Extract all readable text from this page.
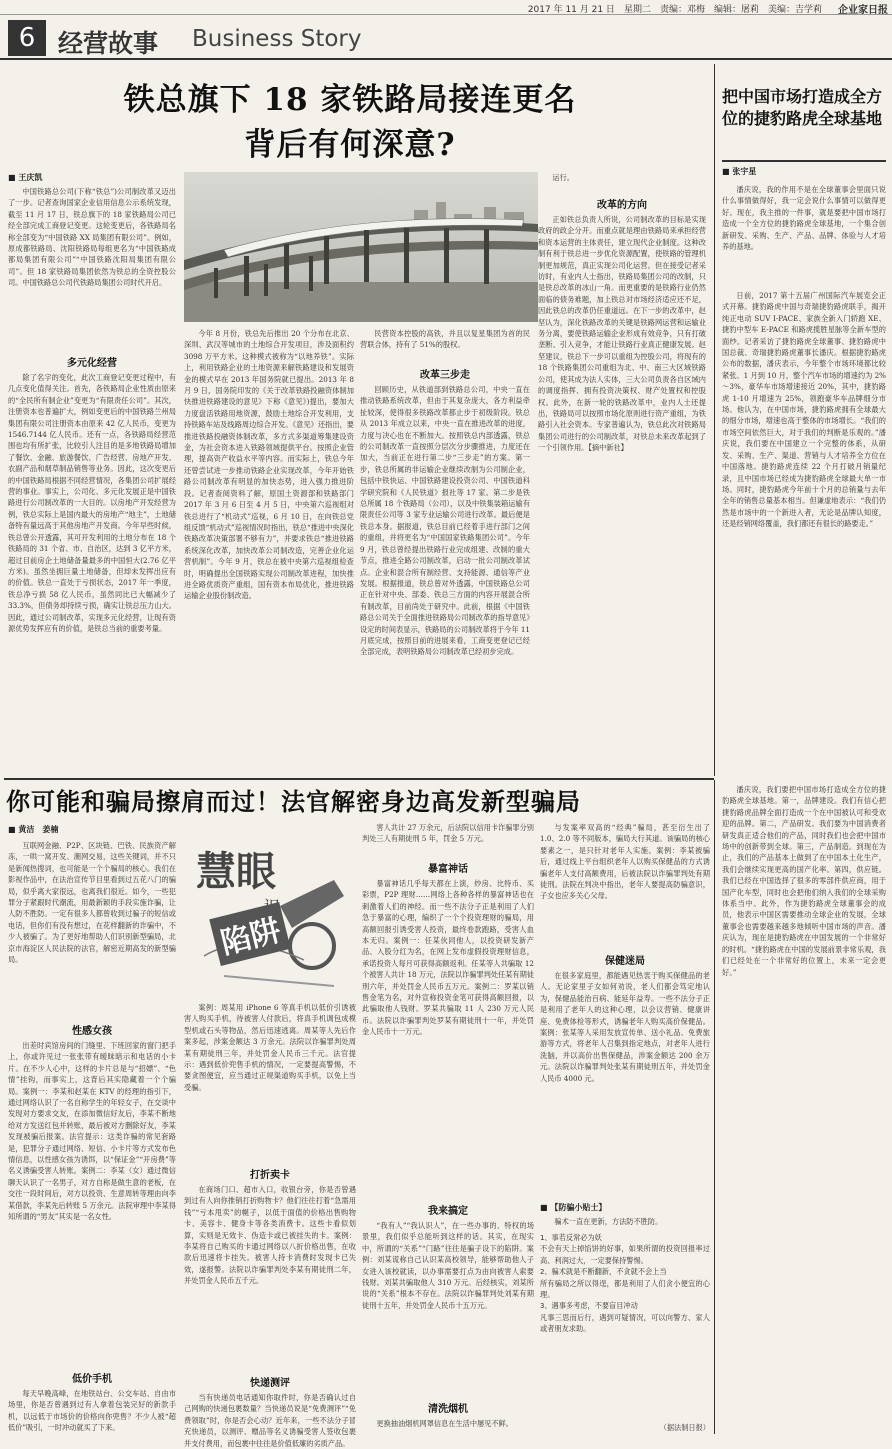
2017 年 11 月 21 日　 星期二　 责编：邓梅　编辑：屠莉　美编：吉学莉 企业家日报
6 经营故事 Business Story
铁总旗下 18 家铁路局接连更名
背后有何深意?
■ 王庆凯

中国铁路总公司(下称“铁总”)公司制改革又迈出了一步。记者查询国家企业信用信息公示系统发现，截至 11 月 17 日，铁总旗下的 18 家铁路局公司已经全部完成工商登记变更。这轮变更后，各铁路局名称全部变为“中国铁路 XX 局集团有限公司”。例如，原成都铁路局、沈阳铁路局每组更名为“中国铁路成都局集团有限公司”“中国铁路沈阳局集团有限公司”。但 18 家铁路局集团依然为铁总的全资控股公司。中国铁路总公司代铁路局集团公司时代开启。

多元化经营

除了名字的变化，此次工商登记变更过程中，有几点变化值得关注。首先，各铁路局企业性质由原来的“全民所有制企业”变更为“有限责任公司”。其次，注册资本也普遍扩大，例如变更后的中国铁路兰州局集团有限公司注册资本由原来 42 亿人民币，变更为 1546.7144 亿人民币。还有一点，各铁路局经营范围也均有所扩张，比较引人注目的是多地铁路局增加了餐饮、金融、旅游餐饮、广告经营、房地产开发、农副产品和烟草制品销售等业务。因此，这次变更后的中国铁路局根据不同经营情况，各集团公司扩展经营的事业。事实上，公司化、多元化发展正是中国铁路进行公司制改革的一大目的。以房地产开发经营为例，铁总实际上是国内最大的房地产“地主”，土地储备特有量远高于其他房地产开发商。今年早些时候，铁总曾公开透露，其可开发利用的土地分布在 18 个铁路局的 31 个省、市、自治区，达到 3 亿平方米，超过目前房企土地储备量最多的中国恒大(2.76 亿平方米)。虽然坐拥巨量土地储备，但却未发挥出应有的价值。铁总一直处于亏损状态，2017 年一季度，铁总净亏损 58 亿人民币，虽然同比已大幅减少了 33.3%，但债务却持续亏损，确实让铁总压力山大。因此，通过公司制改革，实现多元化经营，让现有资源优势发挥应有的价值，是铁总当前的重要考量。

今年 8 月份，铁总先后推出 20 个分布在北京、深圳、武汉等城市的土地综合开发项目，涉及面积约 3098 万平方米。这种模式被称为“以地养铁”。实际上，利用铁路企业的土地资源来解铁路建设和发展资金的模式早在 2013 年国务院就已提出。2013 年 8 月 9 日，国务院印发的《关于改革铁路投融资体制加快推进铁路建设的意见》下称《意见》)提出，要加大力度盘活铁路用地资源，鼓励土地综合开发利用，支持铁路车站及线路周边综合开发。《意见》还指出，要推进铁路投融资体制改革，多方式多渠道筹集建设资金，为社会资本进入铁路领域提供平台。按照企业管理，提高资产收益水平等内容。而实际上，铁总今年还曾尝试进一步推动铁路企业实现改革，今年开始铁路公司制改革有明显的加快态势，进入强力推进阶段。记者查阅资料了解，原国土资源部和铁路部门 2017 年 3 月 6 日至 4 月 5 日，中央第六巡视组对铁总进行了“机动式”巡视，6 月 10 日，在向铁总党组反馈“机动式”巡视情况时指出，铁总“推进中央深化铁路改革决策部署不够有力”，并要求铁总“推进铁路系统深化改革，加快改革公司制改造，完善企业化运营机制”。今年 9 月，铁总在被中央第六巡视组检查时，明确提出全国铁路实现公司制改革进程，加快推进全路优质资产重组，国有资本布局优化，推进铁路运输企业股份制改造。

民营资本控股的高铁，并且以复星集团为首的民营联合体，持有了 51%的股权。

改革三步走

回顾历史，从铁道部到铁路总公司，中央一直在推动铁路系统改革，但由于其复杂庞大，各方利益牵扯较深，使得很多铁路改革都止步于初级阶段。铁总从 2013 年成立以来，中央一直在推进改革的进度，力度与决心也在不断加大。按照铁总内部透露，铁总的公司制改革一直按照分层次分步骤推进，力度还在加大，当前正在进行第二步“三步走”的方案。第一步，铁总所属的非运输企业继续改制为公司制企业，包括中铁快运、中国铁路建设投资公司、中国铁道科学研究院和《人民铁道》报社等 17 家。第二步是铁总所属 18 个铁路局（公司），以及中铁集装箱运输有限责任公司等 3 家专业运输公司进行改革。最后便是铁总本身。据报道，铁总目前已经着手进行部门之间的重组，并将更名为“中国国家铁路集团公司”。今年 9 月，铁总曾经提出铁路行业完成组建、改制的重大节点，推进全路公司制改革，启动一批公司制改革试点。企业和混合所有制经营、支持能源、通信等产业发展。根据报道，铁总曾对外透露，中国铁路总公司正在针对中央、部委、铁总三方面的内容开展混合所有制改革，目前尚处于研究中。此前，根据《中国铁路总公司关于全面推进铁路局公司制改革的指导意见》设定的时间表显示，铁路局的公司制改革将于今年 11 月底完成，按照目前的进展来看，工商变更登记已经全部完成，表明铁路局公司制改革已经初步完成。

运行。

改革的方向

正如铁总负责人所说，公司制改革的目标是实现政府的政企分开。而重点就是理由铁路局来承担经营和资本运营的主体责任，建立现代企业制度。这种改制有利于铁总进一步优化资源配置，使铁路的管理机制更加规范，真正实现公司化运营。但在接受记者采访时，有业内人士指出，铁路局集团公司的改制，只是铁总改革的冰山一角。而更重要的是铁路行业仍然面临的债务难题，加上铁总对市场经济适应还不足，因此铁总的改革仍任重道远。在下一步的改革中，赵坚认为，深化铁路改革的关键是铁路网运营和运输业务分离，要使铁路运输企业形成有效竞争，只有打破垄断、引入竞争，才能让铁路行业真正健康发展。赵坚建议，铁总下一步可以重组为控股公司，将现有的 18 个铁路集团公司重组为北、中、南三大区域铁路公司，使其成为法人实体，三大公司负责各自区域内的调度指挥、拥有投资决策权、财产处置权和控股权。此外，在新一轮的铁路改革中，业内人士还提出，铁路局可以按照市场化原则进行资产重组，为铁路引入社会资本。专家普遍认为，铁总此次对铁路局集团公司进行的公司制改革，对铁总未来改革起到了一个引领作用。【摘中新社】

把中国市场打造成全方位的捷豹路虎全球基地
■ 张宇星

潘庆说，我的作用不是在全球董事会里面只说什么事情做得好，我一定会说什么事情可以做得更好。现在，我主推的一件事，就是要把中国市场打造成一个全方位的捷豹路虎全球基地，一个集合创新研发、采购、生产、产品、品牌、体验与人才培养的基地。

日前，2017 第十五届广州国际汽车展览会正式开幕。捷豹路虎中国与奇瑞捷豹路虎联手，揭开纯正电动 SUV I-PACE、家族全新入门轿跑 XE、捷豹中型车 E-PACE 和路虎揽胜星脉等全新车型的面纱。记者采访了捷豹路虎全球董事、捷豹路虎中国总裁、奇瑞捷豹路虎董事长潘庆。根据捷豹路虎公布的数据，潘庆表示，今年整个市场环境都比较紧张。1 月到 10 月，整个汽车市场的增速约为 2%～3%，豪华车市场增速接近 20%，其中，捷豹路虎 1-10 月增速为 25%，领跑豪华车品牌细分市场。他认为，在中国市场，捷豹路虎拥有全球最大的细分市场，增速也高于整体的市场增长。“我们的市场空间依然巨大，对于我们的判断是乐观的。”潘庆说，我们要在中国建立一个完整的体系，从研发、采购、生产、渠道、营销与人才培养全方位在中国落地。捷豹路虎连续 22 个月打破月销量纪录，且中国市场已经成为捷豹路虎全球最大单一市场。同时，捷豹路虎今年前十个月的总销量与去年全年的销售总量基本相当。但谦虚地表示：“我们仍然是市场中的一个新进入者，无论是品牌认知度，还是经销网络覆盖，我们都还有很长的路要走。”

你可能和骗局擦肩而过！法官解密身边高发新型骗局
■ 黄洁　姜楠

互联网金融、P2P、区块链、巴铁、民族资产解冻，一哄一窝开发、潮网交易，这些关键词，并不只是新闻热搜词，也可能是一个个骗局的核心。我们在影视作品中，在法治宣传节目里看到过五花八门的骗局，似乎离大家很远，也离我们很近。如今，一些犯罪分子紧跟时代潮流，用最新颖的手段实施诈骗，让人防不胜防。一定有很多人都曾收到过骗子的短信或电话，但你们有没有想过，在花样翻新的诈骗中，不少人被骗了。为了更好地帮助人们识别新型骗局，北京市海淀区人民法院的法官，解密近期高发的新型骗局。

性感女孩

出差时宾馆房间的门缝里、下班回家的窗门把手上，你或许见过一张张带有暧昧暗示和电话的小卡片。在不少人心中，这样的卡片总是与“招嫖”、“色情”挂钩，而事实上，这背后其实隐藏着一个个骗局。案例一：李某和赵某在 KTV 的经理的指引下，通过网络认识了一名自称学生的年轻女子，在交谈中发现对方要求交友，在添加微信好友后，李某不断地给对方发送红包并转账，最后被对方删除好友，李某发现被骗后报案。法官提示：这类诈骗的常见套路是，犯罪分子通过网络、短信、小卡片等方式发布色情信息，以性感女孩为诱饵，以“保证金”“开房费”等名义诱骗受害人转账。案例二：李某（女）通过微信聊天认识了一名男子，对方自称是做生意的老板，在交往一段时间后，对方以投资、生意周转等理由向李某借款，李某先后转账 5 万余元。法院审理中李某得知所谓的“男友”其实是一名女性。

低价手机

每天早晚高峰，在地铁站台、公交车站、自由市场里，你是否曾遇到过有人拿着包装完好的新款手机，以远低于市场价的价格向你兜售？不少人被“超低价”吸引，一时冲动就买了下来。

慧眼
陷阱

案例：周某用 iPhone 6 等真手机以低价引诱被害人购买手机，待被害人付款后，将真手机调包成模型机或石头等物品，然后迅速逃离。周某等人先后作案多起，涉案金额达 3 万余元。法院以诈骗罪判处周某有期徒刑三年，并处罚金人民币三千元。法官提示：遇到低价兜售手机的情况，一定要提高警惕，不要贪图便宜，应当通过正规渠道购买手机，以免上当受骗。

打折卖卡

在商场门口、超市入口，收银台旁，你是否曾遇到过有人向你推销打折购物卡？他们往往打着“急需用钱”“亏本甩卖”的幌子，以低于面值的价格出售购物卡、美容卡、健身卡等各类消费卡。这些卡看似划算，实则是无效卡、伪造卡或已被挂失的卡。案例：李某将自己购买的卡通过网络以八折价格出售，在收款后迅速将卡挂失。被害人持卡消费时发现卡已失效，遂报警。法院以诈骗罪判处李某有期徒刑二年，并处罚金人民币五千元。

快递测评

当有快递员电话通知你取件时，你是否确认过自己网购的快递包裹数量？当快递员说是“免费测评”“免费领取”时，你是否会心动？近年来，一些不法分子冒充快递员，以测评、赠品等名义诱骗受害人签收包裹并支付费用，而包裹中往往是价值低廉的劣质产品。

害人共计 27 万余元，后法院以信用卡诈骗罪分别判处三人有期徒刑 5 年，罚金 5 万元。

暴富神话

暴富神话几乎每天都在上演，炒房、比特币、买彩票，P2P 理财……网络上各种各样的暴富神话也在刺激着人们的神经。而一些不法分子正是利用了人们急于暴富的心理，编织了一个个投资理财的骗局，用高额回报引诱受害人投资，最终卷款跑路，受害人血本无归。案例一：任某伙同他人，以投资研发新产品、入股分红为名，在网上发布虚假投资理财信息，承诺投资人每月可获得高额返利。任某等人共骗取 12 个被害人共计 18 万元，法院以诈骗罪判处任某有期徒刑六年，并处罚金人民币五万元。案例二：罗某以销售金笔为名，对外宣称投资金笔可获得高额回报，以此骗取他人钱财。罗某共骗取 11 人 230 万元人民币。法院以诈骗罪判处罗某有期徒刑十一年，并处罚金人民币十一万元。

我来搞定

“我有人”“我认识人”，在一些办事的、特权的场景里，我们似乎总能听到这样的话。其实，在现实中，所谓的“关系”“门路”往往是骗子设下的陷阱。案例：刘某谎称自己认识某高校领导，能够帮助他人子女进入该校就读，以办事需要打点为由向被害人索要钱财。刘某共骗取他人 310 万元。后经核实，刘某所说的“关系”根本不存在。法院以诈骗罪判处刘某有期徒刑十五年，并处罚金人民币十五万元。

清洗烟机

更换抽油烟机网罩信息在生活中屡见不鲜。

与发案率双高的“经典”骗局，甚至衍生出了 1.0、2.0 等不同版本，骗局大行其道。该骗局的核心要素之一，是只针对老年人实施。案例：李某被骗后，通过线上平台组织老年人以购买保健品的方式诱骗老年人支付高额费用，后被法院以诈骗罪判处有期徒刑。法院在判决中指出，老年人要提高防骗意识，子女也应多关心父母。

保健迷局

在很多家庭里，都能遇见热衷于购买保健品的老人。无论家里子女如何劝说，老人们都会笃定地认为，保健品能治百病、能延年益寿。一些不法分子正是利用了老年人的这种心理，以会议营销、健康讲座、免费体检等形式，诱骗老年人购买高价保健品。案例：张某等人采用发放宣传单、送小礼品、免费旅游等方式，将老年人召集到指定地点，对老年人进行洗脑，并以高价出售保健品，涉案金额达 200 余万元。法院以诈骗罪判处张某有期徒刑五年，并处罚金人民币 4000 元。

■ 【防骗小贴士】

骗术一直在更新，方法防不胜防。

1、事若反常必为妖
不会有天上掉馅饼的好事，如果所谓的投资回报率过高、利润过大，一定要保持警惕。
2、骗术就是不断翻新，不贪就不会上当
所有骗局之所以得逞，都是利用了人们贪小便宜的心理。
3、遇事多考虑，不要盲目冲动
凡事三思而后行，遇到可疑情况，可以向警方、家人或者朋友求助。
（据法制日报）

潘庆说，我们要把中国市场打造成全方位的捷豹路虎全球基地。第一，品牌建设。我们有信心把捷豹路虎品牌全面打造成一个在中国被认可和受欢迎的品牌。第二，产品研发。我们要为中国消费者研发真正适合他们的产品，同时我们也会把中国市场中的创新带到全球。第三，产品制造。到现在为止，我们的产品基本上做到了在中国本土化生产，我们会继续实现更高的国产化率。第四，供应链。我们已经在中国选择了很多的零部件供应商，用于国产化车型，同时也会把他们纳入我们的全球采购体系当中。此外，作为捷豹路虎全球董事会的成员，他表示中国区需要推动全球企业的发展，全球董事会也需要越来越多地倾听中国市场的声音。潘庆认为，现在是捷豹路虎在中国发展的一个非常好的时机。“捷豹路虎在中国的发展前景非常乐观，我们已经处在一个非常好的位置上，未来一定会更好。”
